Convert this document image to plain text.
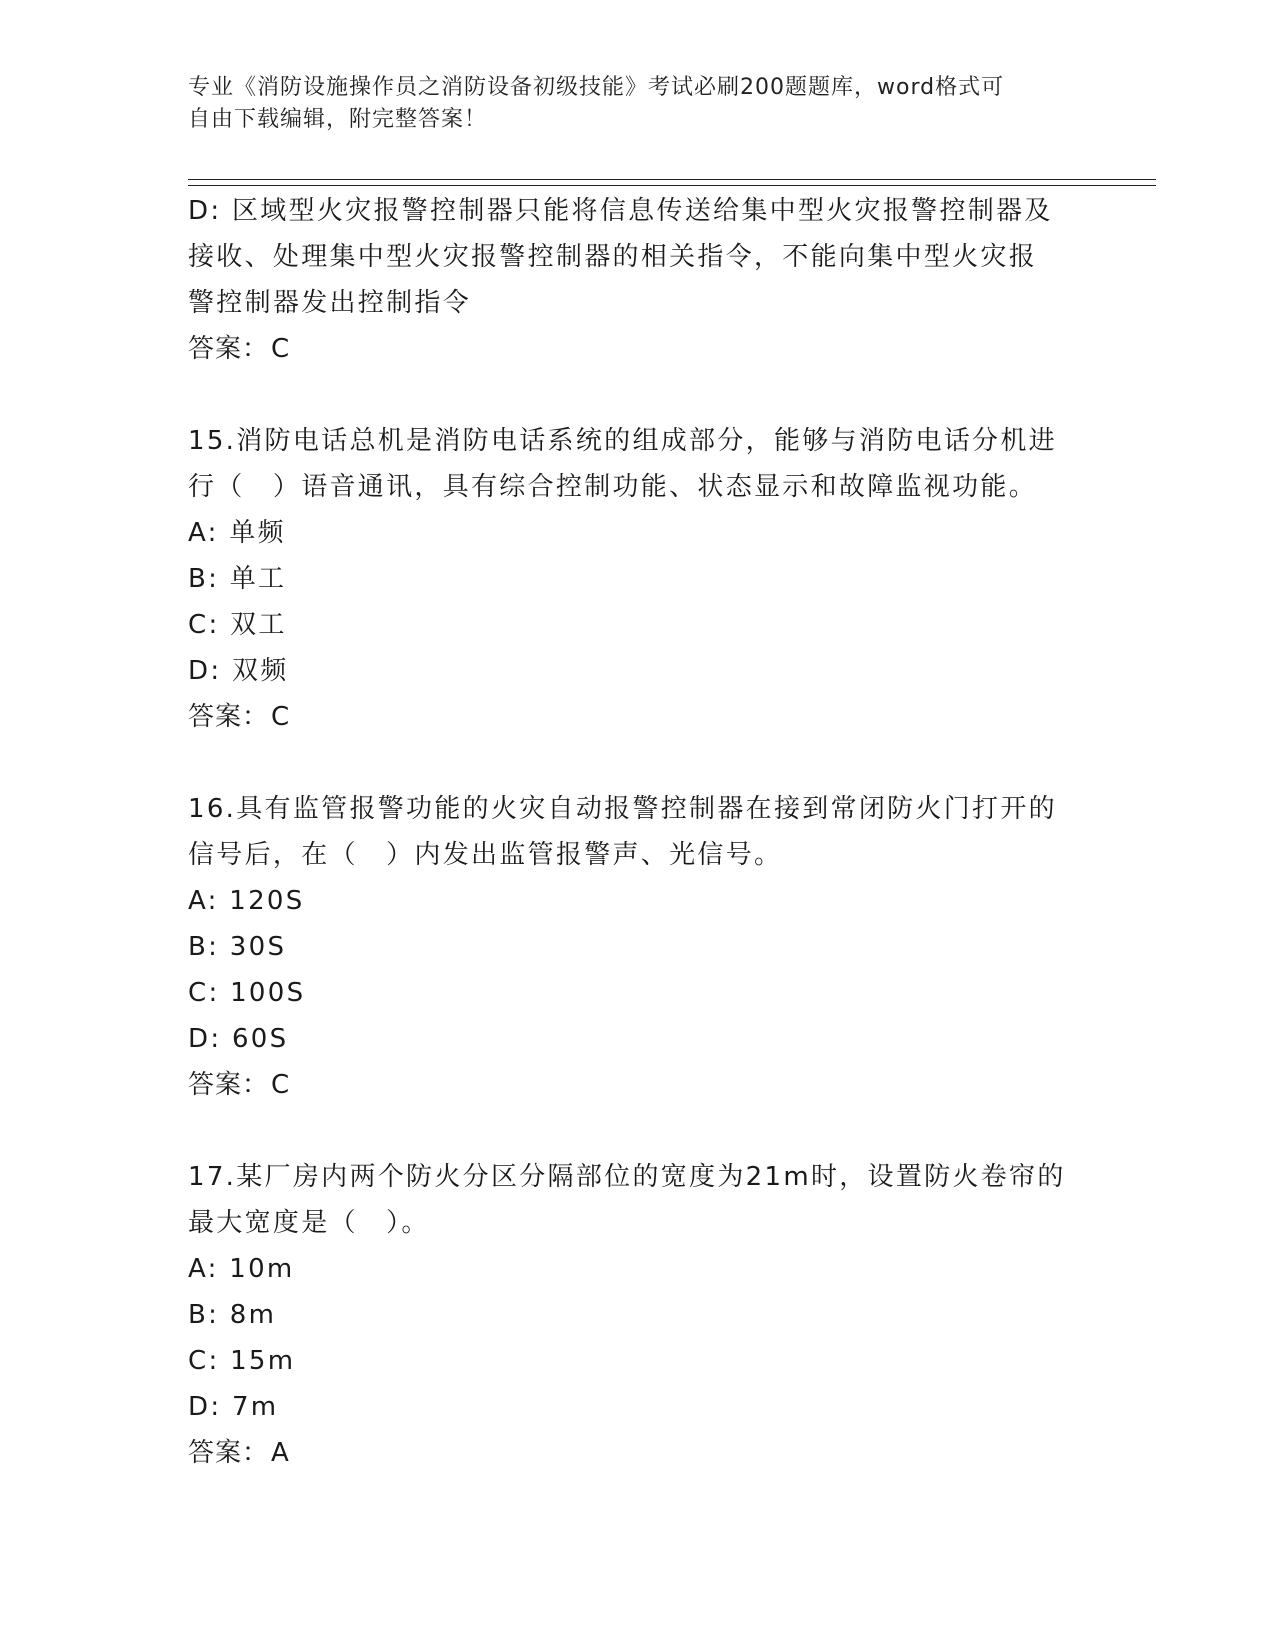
专业《消防设施操作员之消防设备初级技能》考试必刷200题题库，word格式可
自由下载编辑，附完整答案！
D: 区域型火灾报警控制器只能将信息传送给集中型火灾报警控制器及
接收、处理集中型火灾报警控制器的相关指令，不能向集中型火灾报
警控制器发出控制指令
答案：C
15.消防电话总机是消防电话系统的组成部分，能够与消防电话分机进
行（　）语音通讯，具有综合控制功能、状态显示和故障监视功能。
A: 单频
B: 单工
C: 双工
D: 双频
答案：C
16.具有监管报警功能的火灾自动报警控制器在接到常闭防火门打开的
信号后，在（　）内发出监管报警声、光信号。
A: 120S
B: 30S
C: 100S
D: 60S
答案：C
17.某厂房内两个防火分区分隔部位的宽度为21m时，设置防火卷帘的
最大宽度是（　）。
A: 10m
B: 8m
C: 15m
D: 7m
答案：A
